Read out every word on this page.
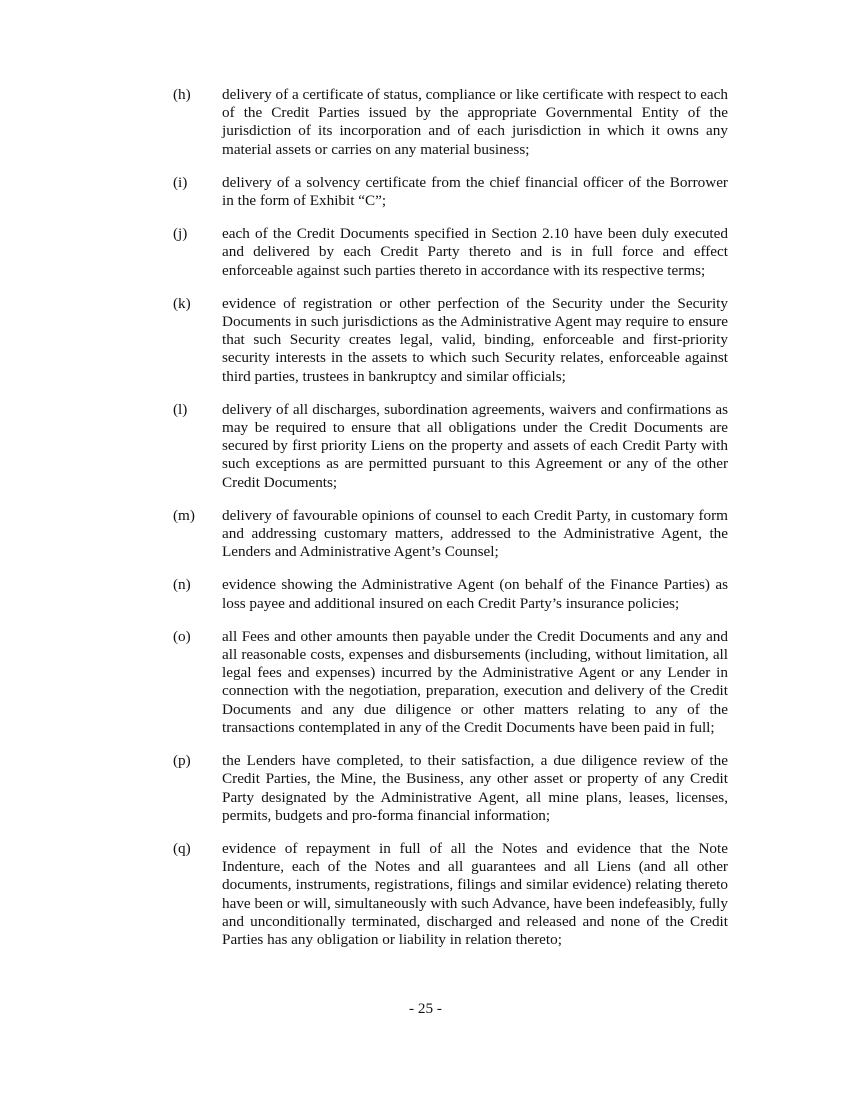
(h) delivery of a certificate of status, compliance or like certificate with respect to each of the Credit Parties issued by the appropriate Governmental Entity of the jurisdiction of its incorporation and of each jurisdiction in which it owns any material assets or carries on any material business;
(i) delivery of a solvency certificate from the chief financial officer of the Borrower in the form of Exhibit “C”;
(j) each of the Credit Documents specified in Section 2.10 have been duly executed and delivered by each Credit Party thereto and is in full force and effect enforceable against such parties thereto in accordance with its respective terms;
(k) evidence of registration or other perfection of the Security under the Security Documents in such jurisdictions as the Administrative Agent may require to ensure that such Security creates legal, valid, binding, enforceable and first-priority security interests in the assets to which such Security relates, enforceable against third parties, trustees in bankruptcy and similar officials;
(l) delivery of all discharges, subordination agreements, waivers and confirmations as may be required to ensure that all obligations under the Credit Documents are secured by first priority Liens on the property and assets of each Credit Party with such exceptions as are permitted pursuant to this Agreement or any of the other Credit Documents;
(m) delivery of favourable opinions of counsel to each Credit Party, in customary form and addressing customary matters, addressed to the Administrative Agent, the Lenders and Administrative Agent’s Counsel;
(n) evidence showing the Administrative Agent (on behalf of the Finance Parties) as loss payee and additional insured on each Credit Party’s insurance policies;
(o) all Fees and other amounts then payable under the Credit Documents and any and all reasonable costs, expenses and disbursements (including, without limitation, all legal fees and expenses) incurred by the Administrative Agent or any Lender in connection with the negotiation, preparation, execution and delivery of the Credit Documents and any due diligence or other matters relating to any of the transactions contemplated in any of the Credit Documents have been paid in full;
(p) the Lenders have completed, to their satisfaction, a due diligence review of the Credit Parties, the Mine, the Business, any other asset or property of any Credit Party designated by the Administrative Agent, all mine plans, leases, licenses, permits, budgets and pro-forma financial information;
(q) evidence of repayment in full of all the Notes and evidence that the Note Indenture, each of the Notes and all guarantees and all Liens (and all other documents, instruments, registrations, filings and similar evidence) relating thereto have been or will, simultaneously with such Advance, have been indefeasibly, fully and unconditionally terminated, discharged and released and none of the Credit Parties has any obligation or liability in relation thereto;
- 25 -
